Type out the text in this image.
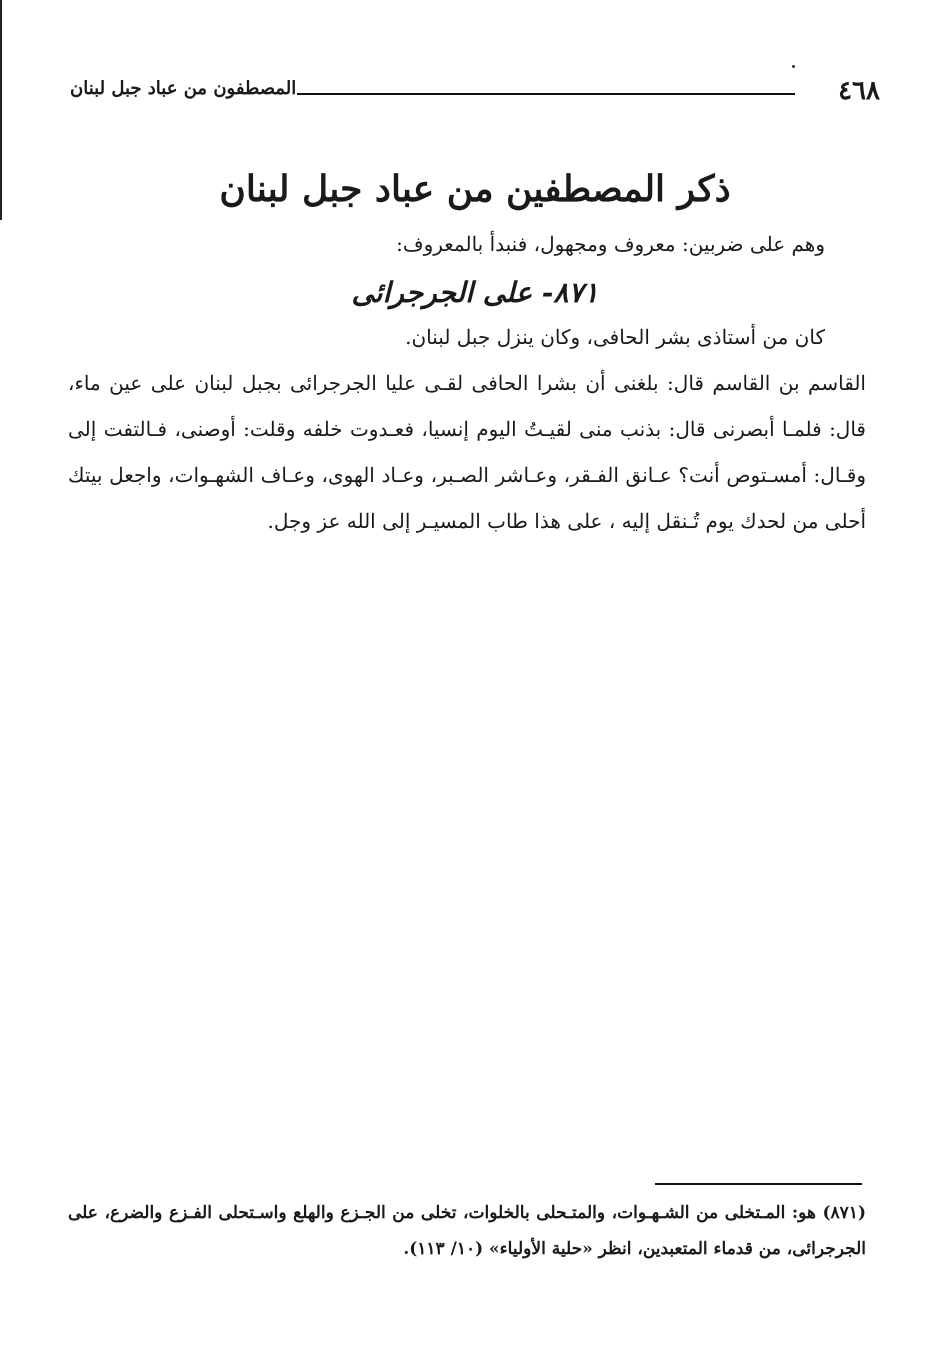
٤٦٨
المصطفون من عباد جبل لبنان
ذكر المصطفين من عباد جبل لبنان
وهم على ضربين: معروف ومجهول، فنبدأ بالمعروف:
٨٧١- على الجرجرائى
كان من أستاذى بشر الحافى، وكان ينزل جبل لبنان.
القاسم بن القاسم قال: بلغنى أن بشرا الحافى لقـى عليا الجرجرائى بجبل لبنان على عين ماء، قال: فلمـا أبصرنى قال: بذنب منى لقيـتُ اليوم إنسيا، فعـدوت خلفه وقلت: أوصنى، فـالتفت إلى وقـال: أمسـتوص أنت؟ عـانق الفـقر، وعـاشر الصـبر، وعـاد الهوى، وعـاف الشهـوات، واجعل بيتك أحلى من لحدك يوم تُـنقل إليه ، على هذا طاب المسيـر إلى الله عز وجل.
(٨٧١) هو: المـتخلى من الشـهـوات، والمتـحلى بالخلوات، تخلى من الجـزع والهلع واسـتحلى الفـزع والضرع، على الجرجرائى، من قدماء المتعبدين، انظر «حلية الأولياء» (١٠/ ١١٣).
